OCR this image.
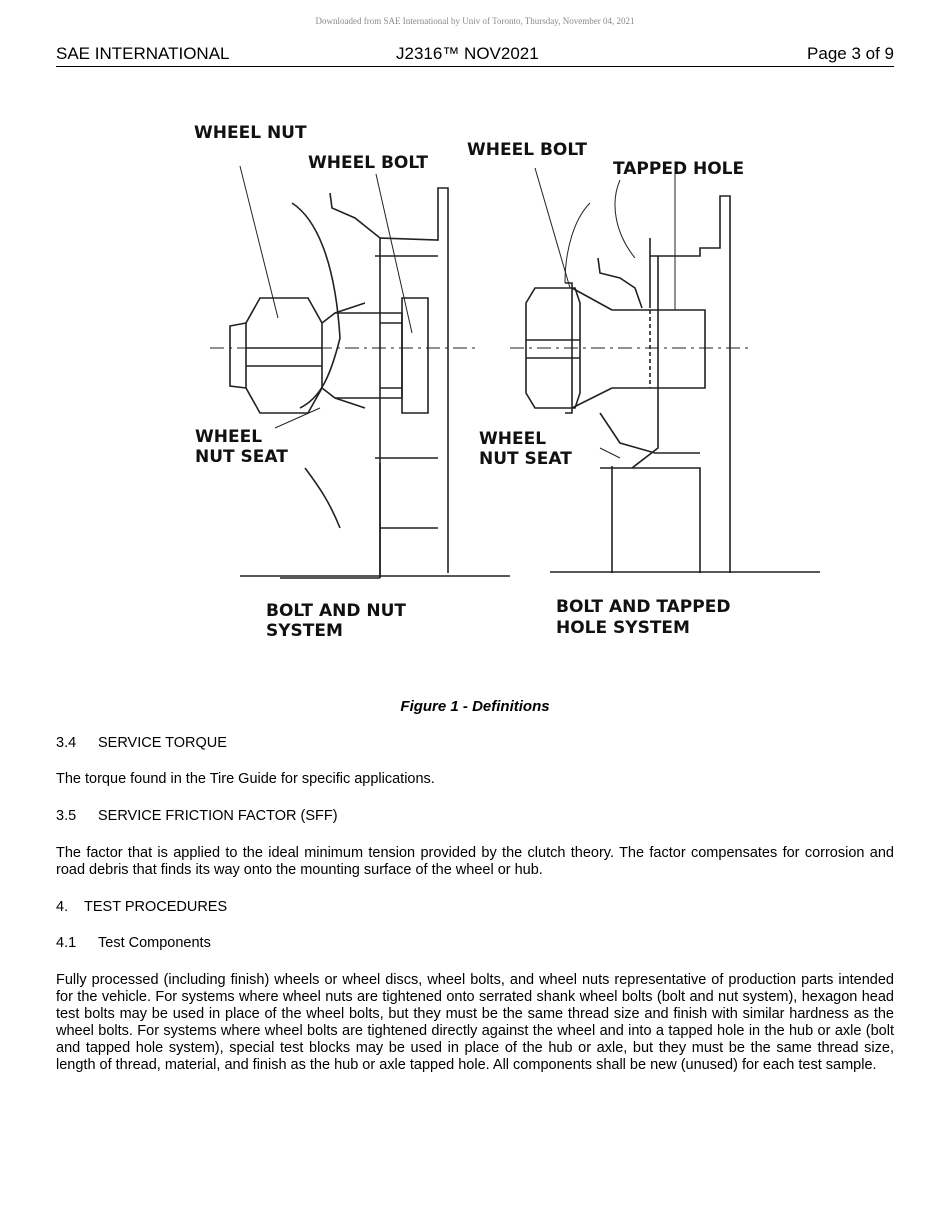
Downloaded from SAE International by Univ of Toronto, Thursday, November 04, 2021
SAE INTERNATIONAL	J2316™ NOV2021	Page 3 of 9
WHEEL NUT
WHEEL BOLT
WHEEL BOLT
TAPPED HOLE
WHEEL
NUT SEAT
WHEEL
NUT SEAT
BOLT AND NUT
SYSTEM
BOLT AND TAPPED
HOLE SYSTEM
Figure 1 - Definitions
3.4 SERVICE TORQUE
The torque found in the Tire Guide for specific applications.
3.5 SERVICE FRICTION FACTOR (SFF)
The factor that is applied to the ideal minimum tension provided by the clutch theory. The factor compensates for corrosion and road debris that finds its way onto the mounting surface of the wheel or hub.
4. TEST PROCEDURES
4.1 Test Components
Fully processed (including finish) wheels or wheel discs, wheel bolts, and wheel nuts representative of production parts intended for the vehicle. For systems where wheel nuts are tightened onto serrated shank wheel bolts (bolt and nut system), hexagon head test bolts may be used in place of the wheel bolts, but they must be the same thread size and finish with similar hardness as the wheel bolts. For systems where wheel bolts are tightened directly against the wheel and into a tapped hole in the hub or axle (bolt and tapped hole system), special test blocks may be used in place of the hub or axle, but they must be the same thread size, length of thread, material, and finish as the hub or axle tapped hole. All components shall be new (unused) for each test sample.
